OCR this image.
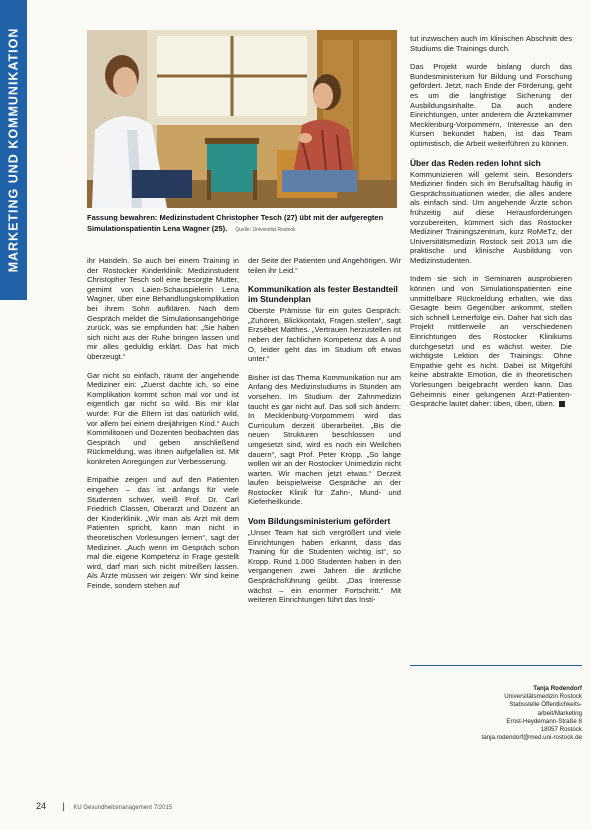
MARKETING UND KOMMUNIKATION	Fassung bewahren: Medizinstudent Christopher Tesch (27) übt mit der aufgeregten Simulationspatientin Lena Wagner (25). Quelle: Universität Rostock

ihr Handeln. So auch bei einem Training in der Rostocker Kinderklinik: Medizinstudent Christopher Tesch soll eine besorgte Mutter, gemimt von Laien-Schauspielerin Lena Wagner, über eine Behandlungskomplikation bei ihrem Sohn aufklären. Nach dem Gespräch meldet die Simulationsangehörige zurück, was sie empfunden hat: „Sie haben sich nicht aus der Ruhe bringen lassen und mir alles geduldig erklärt. Das hat mich überzeugt.“

Gar nicht so einfach, räumt der angehende Mediziner ein: „Zuerst dachte ich, so eine Komplikation kommt schon mal vor und ist eigentlich gar nicht so wild. Bis mir klar wurde: Für die Eltern ist das natürlich wild, vor allem bei einem dreijährigen Kind.“ Auch Kommilitonen und Dozenten beobachten das Gespräch und geben anschließend Rückmeldung, was ihnen aufgefallen ist. Mit konkreten Anregungen zur Verbesserung.

Empathie zeigen und auf den Patienten eingehen – das ist anfangs für viele Studenten schwer, weiß Prof. Dr. Carl Friedrich Classen, Oberarzt und Dozent an der Kinderklinik. „Wir man als Arzt mit dem Patienten spricht, kann man nicht in theoretischen Vorlesungen lernen“, sagt der Mediziner. „Auch wenn im Gespräch schon mal die eigene Kompetenz in Frage gestellt wird, darf man sich nicht mitreißen lassen. Als Ärzte müssen wir zeigen: Wir sind keine Feinde, sondern stehen auf

der Seite der Patienten und Angehörigen. Wir teilen ihr Leid.“

Kommunikation als fester Bestandteil im Stundenplan

Oberste Prämisse für ein gutes Gespräch: „Zuhören, Blickkontakt, Fragen stellen“, sagt Erzsébet Matthes. „Vertrauen herzustellen ist neben der fachlichen Kompetenz das A und O, leider geht das im Studium oft etwas unter.“

Bisher ist das Thema Kommunikation nur am Anfang des Medizinstudiums in Stunden am vorsehen. Im Studium der Zahnmedizin taucht es gar nicht auf. Das soll sich ändern: In Mecklenburg-Vorpommern wird das Curriculum derzeit überarbeitet. „Bis die neuen Strukturen beschlossen und umgesetzt sind, wird es noch ein Weilchen dauern“, sagt Prof. Peter Kropp. „So lange wollen wir an der Rostocker Unimedizin nicht warten. Wir machen jetzt etwas.“ Derzeit laufen beispielweise Gespräche an der Rostocker Klinik für Zahn-, Mund- und Kieferheilkunde.

Vom Bildungsministerium gefördert

„Unser Team hat sich vergrößert und viele Einrichtungen haben erkannt, dass das Training für die Studenten wichtig ist“, so Kropp. Rund 1.000 Studenten haben in den vergangenen zwei Jahren die ärztliche Gesprächsführung geübt. „Das Interesse wächst – ein enormer Fortschritt.“ Mit weiteren Einrichtungen führt das Insti-

tut inzwischen auch im klinischen Abschnitt des Studiums die Trainings durch.

Das Projekt wurde bislang durch das Bundesministerium für Bildung und Forschung gefördert. Jetzt, nach Ende der Förderung, geht es um die langfristige Sicherung der Ausbildungsinhalte. Da auch andere Einrichtungen, unter anderem die Ärztekammer Mecklenburg-Vorpommern, Interesse an den Kursen bekundet haben, ist das Team optimistisch, die Arbeit weiterführen zu können.

Über das Reden reden lohnt sich

Kommunizieren will gelernt sein. Besonders Mediziner finden sich im Berufsalltag häufig in Gesprächssituationen wieder, die alles andere als einfach sind. Um angehende Ärzte schon frühzeitig auf diese Herausforderungen vorzubereiten, kümmert sich das Rostocker Mediziner Trainingszentrum, kurz RoMeTz, der Universitätsmedizin Rostock seit 2013 um die praktische und klinische Ausbildung von Medizinstudenten.

Indem sie sich in Seminaren ausprobieren können und von Simulationspatienten eine unmittelbare Rückmeldung erhalten, wie das Gesagte beim Gegenüber ankommt, stellen sich schnell Lernerfolge ein. Daher hat sich das Projekt mittlerweile an verschiedenen Einrichtungen des Rostocker Klinikums durchgesetzt und es wächst weiter. Die wichtigste Lektion der Trainings: Ohne Empathie geht es nicht. Dabei ist Mitgefühl keine abstrakte Emotion, die in theoretischen Vorlesungen beigebracht werden kann. Das Geheimnis einer gelungenen Arzt-Patienten-Gespräche lautet daher: üben, üben, üben.

Tanja Rodendorf
Universitätsmedizin Rostock
Stabsstelle Öffentlichkeits-
arbeit/Marketing
Ernst-Heydemann-Straße 8
18057 Rostock
tanja.rodendorf@med.uni-rostock.de
24 | KU Gesundheitsmanagement 7/2015
